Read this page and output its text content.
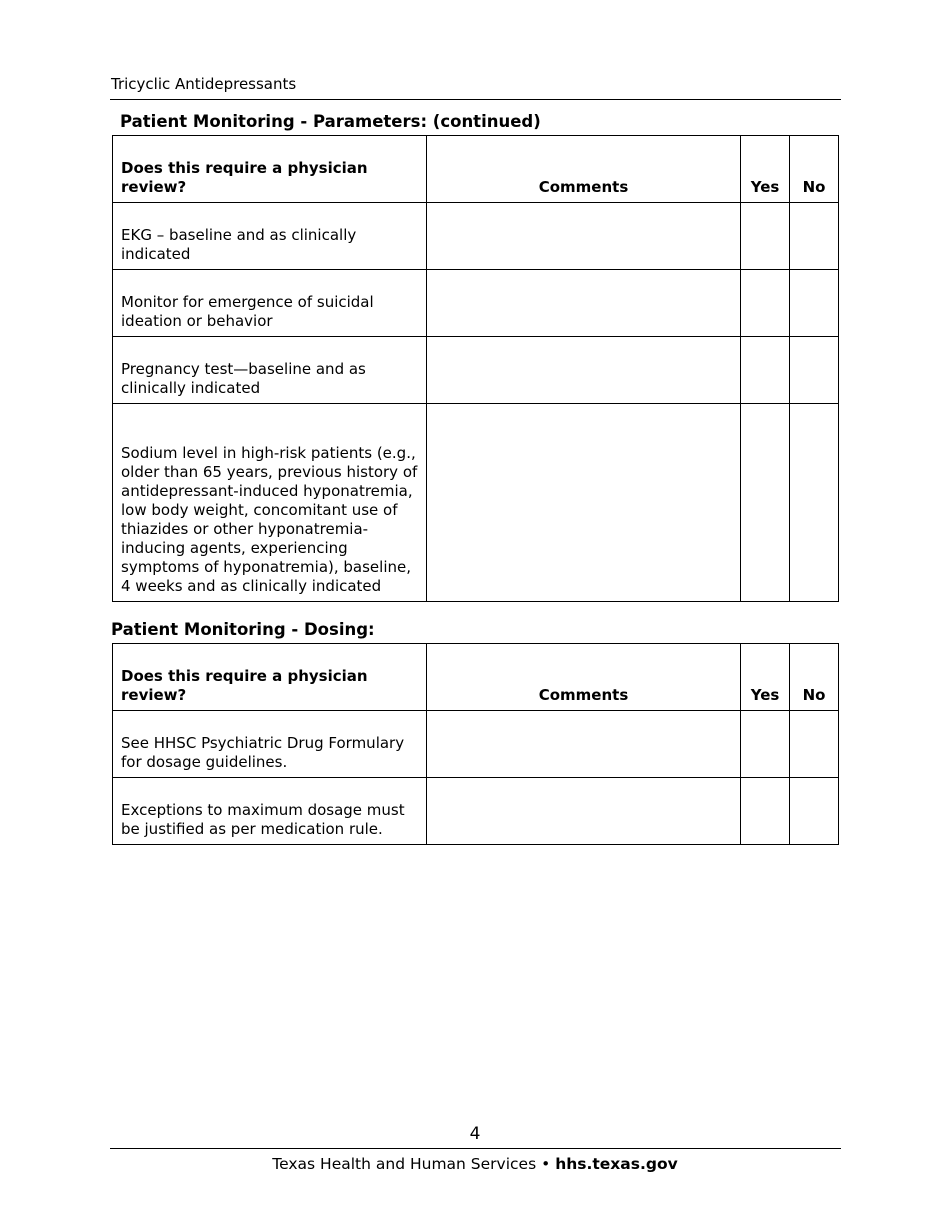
Tricyclic Antidepressants
Patient Monitoring - Parameters: (continued)
Does this require a physician review?	Comments	Yes	No
EKG – baseline and as clinically indicated			
Monitor for emergence of suicidal ideation or behavior			
Pregnancy test—baseline and as clinically indicated			
Sodium level in high-risk patients (e.g., older than 65 years, previous history of antidepressant-induced hyponatremia, low body weight, concomitant use of thiazides or other hyponatremia-inducing agents, experiencing symptoms of hyponatremia), baseline, 4 weeks and as clinically indicated			
Patient Monitoring - Dosing:
Does this require a physician review?	Comments	Yes	No
See HHSC Psychiatric Drug Formulary for dosage guidelines.			
Exceptions to maximum dosage must be justified as per medication rule.			
4
Texas Health and Human Services • hhs.texas.gov
